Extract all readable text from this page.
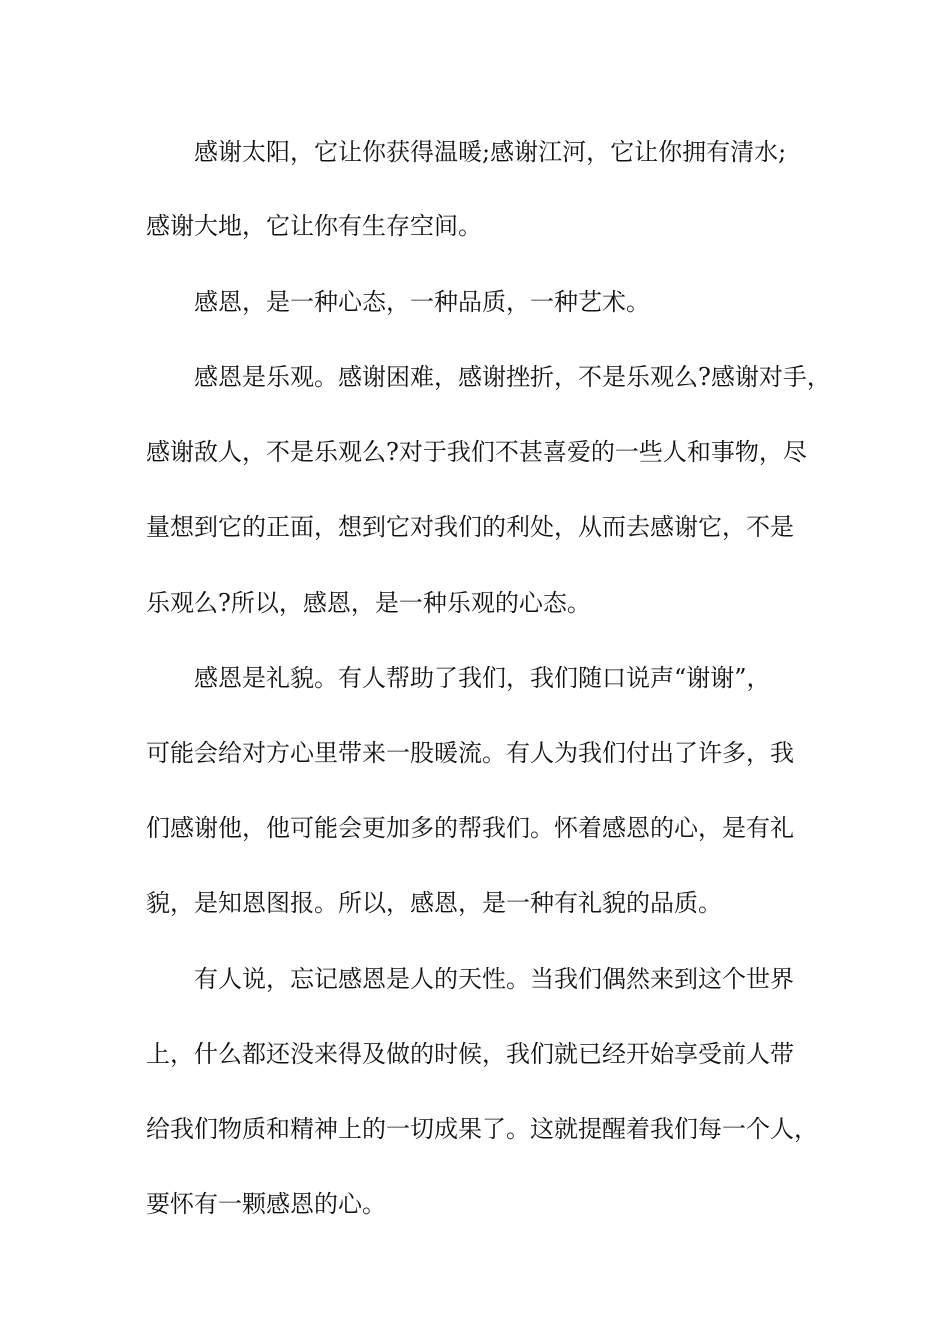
感谢太阳，它让你获得温暖;感谢江河，它让你拥有清水;
感谢大地，它让你有生存空间。
感恩，是一种心态，一种品质，一种艺术。
感恩是乐观。感谢困难，感谢挫折，不是乐观么?感谢对手，
感谢敌人，不是乐观么?对于我们不甚喜爱的一些人和事物，尽
量想到它的正面，想到它对我们的利处，从而去感谢它，不是
乐观么?所以，感恩，是一种乐观的心态。
感恩是礼貌。有人帮助了我们，我们随口说声“谢谢”，
可能会给对方心里带来一股暖流。有人为我们付出了许多，我
们感谢他，他可能会更加多的帮我们。怀着感恩的心，是有礼
貌，是知恩图报。所以，感恩，是一种有礼貌的品质。
有人说，忘记感恩是人的天性。当我们偶然来到这个世界
上，什么都还没来得及做的时候，我们就已经开始享受前人带
给我们物质和精神上的一切成果了。这就提醒着我们每一个人，
要怀有一颗感恩的心。
